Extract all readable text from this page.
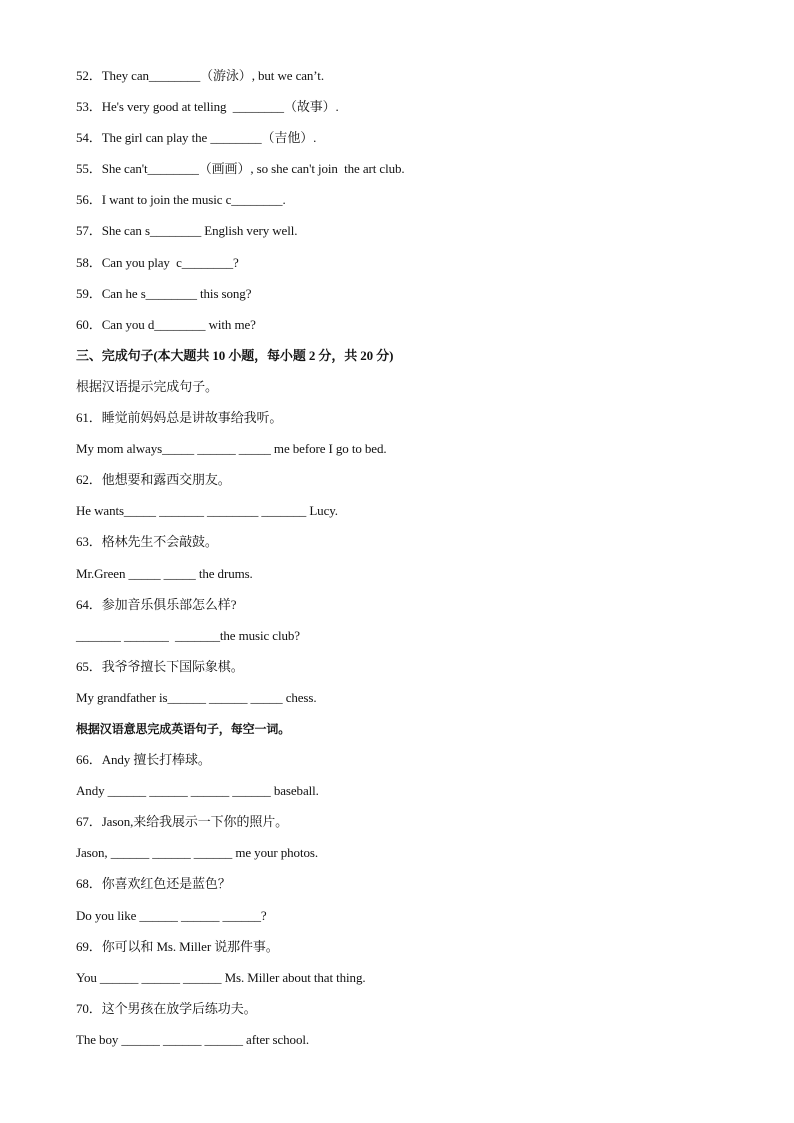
52．They can________（游泳）, but we can’t.
53．He's very good at telling  ________（故事）.
54．The girl can play the ________（吉他）.
55．She can't________（画画）, so she can't join  the art club.
56．I want to join the music c________.
57．She can s________ English very well.
58．Can you play  c________?
59．Can he s________ this song?
60．Can you d________ with me?
三、完成句子(本大题共 10 小题，每小题 2 分，共 20 分)
根据汉语提示完成句子。
61．睡觉前妈妈总是讲故事给我听。
My mom always_____ ______ _____ me before I go to bed.
62．他想要和露西交朋友。
He wants_____ _______ ________ _______ Lucy.
63．格林先生不会敲鼓。
Mr.Green _____ _____ the drums.
64．参加音乐俱乐部怎么样?
_______ _______  _______the music club?
65．我爷爷擅长下国际象棋。
My grandfather is______ ______ _____ chess.
根据汉语意思完成英语句子，每空一词。
66．Andy 擅长打棒球。
Andy ______ ______ ______ ______ baseball.
67．Jason,来给我展示一下你的照片。
Jason, ______ ______ ______ me your photos.
68．你喜欢红色还是蓝色？
Do you like ______ ______ ______?
69．你可以和 Ms. Miller 说那件事。
You ______ ______ ______ Ms. Miller about that thing.
70．这个男孩在放学后练功夫。
The boy ______ ______ ______ after school.
